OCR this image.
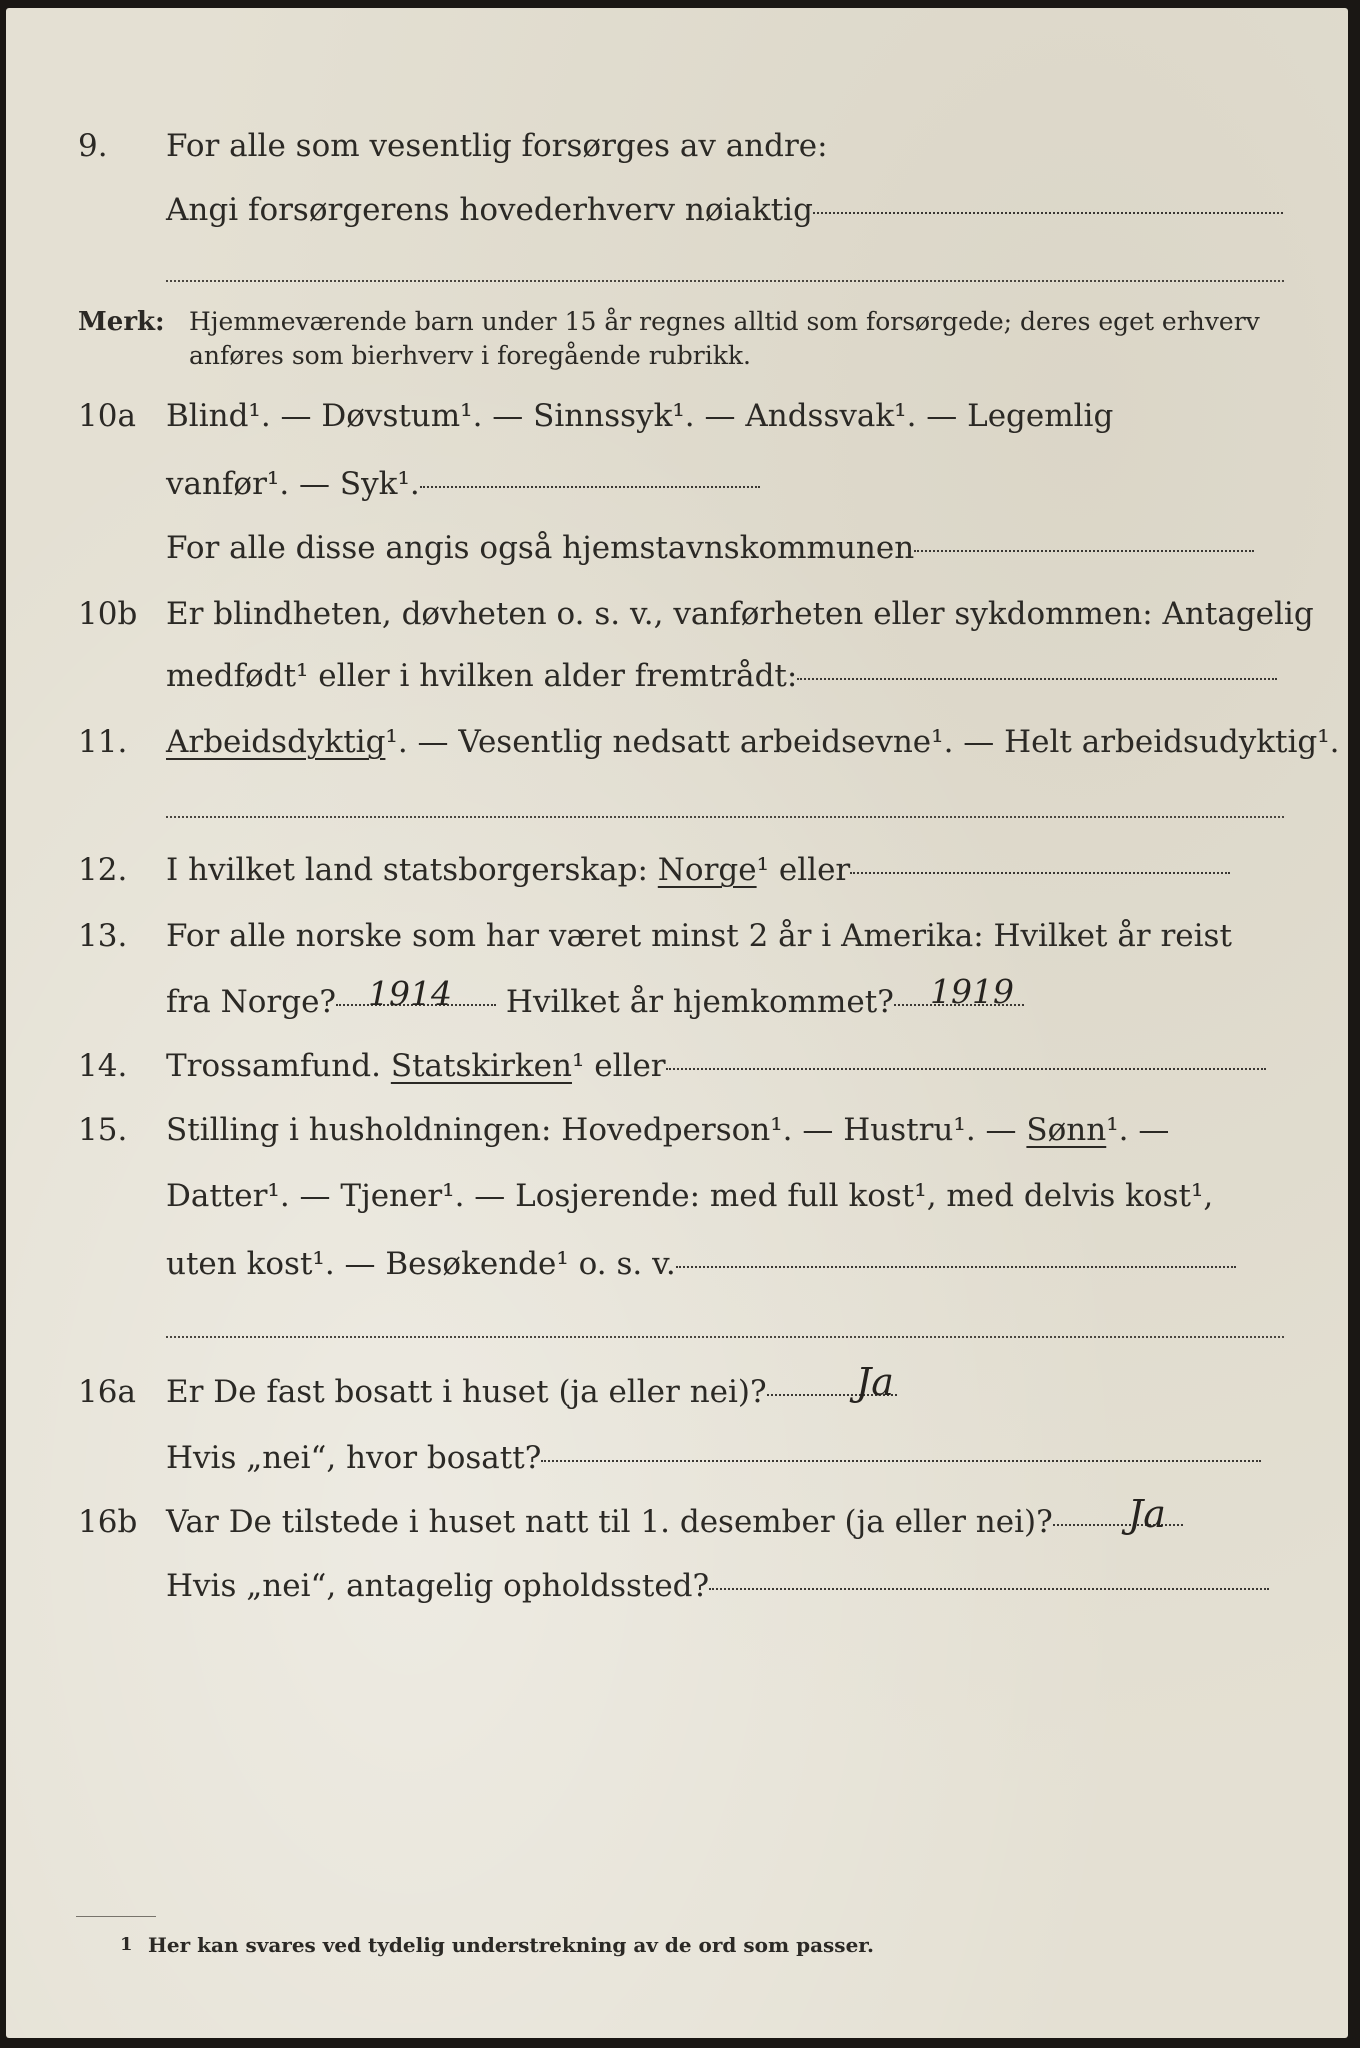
9. For alle som vesentlig forsørges av andre:
Angi forsørgerens hovederhverv nøiaktig
Merk: Hjemmeværende barn under 15 år regnes alltid som forsørgede; deres eget erhverv
anføres som bierhverv i foregående rubrikk.
10a Blind¹. — Døvstum¹. — Sinnssyk¹. — Andssvak¹. — Legemlig
vanfør¹. — Syk¹.
For alle disse angis også hjemstavnskommunen
10b Er blindheten, døvheten o. s. v., vanførheten eller sykdommen: Antagelig
medfødt¹ eller i hvilken alder fremtrådt:
11. Arbeidsdyktig¹. — Vesentlig nedsatt arbeidsevne¹. — Helt arbeidsudyktig¹.
12. I hvilket land statsborgerskap: Norge¹ eller
13. For alle norske som har været minst 2 år i Amerika: Hvilket år reist
fra Norge?	Hvilket år hjemkommet?
1914	1919
14. Trossamfund. Statskirken¹ eller
15. Stilling i husholdningen: Hovedperson¹. — Hustru¹. — Sønn¹. —
Datter¹. — Tjener¹. — Losjerende: med full kost¹, med delvis kost¹,
uten kost¹. — Besøkende¹ o. s. v.
16a Er De fast bosatt i huset (ja eller nei)?	Ja
Hvis „nei“, hvor bosatt?
16b Var De tilstede i huset natt til 1. desember (ja eller nei)?	Ja
Hvis „nei“, antagelig opholdssted?
1 Her kan svares ved tydelig understrekning av de ord som passer.
